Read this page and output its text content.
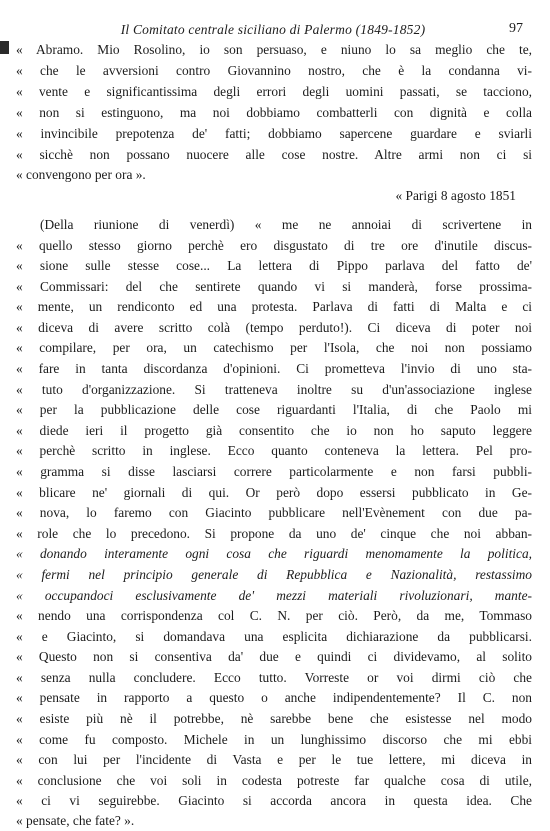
Il Comitato centrale siciliano di Palermo (1849-1852)	97
« Abramo. Mio Rosolino, io son persuaso, e niuno lo sa meglio che te,
« che le avversioni contro Giovannino nostro, che è la condanna vi-
« vente e significantissima degli errori degli uomini passati, se tacciono,
« non si estinguono, ma noi dobbiamo combatterli con dignità e colla
« invincibile prepotenza de' fatti; dobbiamo sapercene guardare e sviarli
« sicchè non possano nuocere alle cose nostre. Altre armi non ci si
« convengono per ora ».
« Parigi 8 agosto 1851
(Della riunione di venerdì) « me ne annoiai di scrivertene in
« quello stesso giorno perchè ero disgustato di tre ore d'inutile discus-
« sione sulle stesse cose... La lettera di Pippo parlava del fatto de'
« Commissari: del che sentirete quando vi si manderà, forse prossima-
« mente, un rendiconto ed una protesta. Parlava di fatti di Malta e ci
« diceva di avere scritto colà (tempo perduto!). Ci diceva di poter noi
« compilare, per ora, un catechismo per l'Isola, che noi non possiamo
« fare in tanta discordanza d'opinioni. Ci prometteva l'invio di uno sta-
« tuto d'organizzazione. Si tratteneva inoltre su d'un'associazione inglese
« per la pubblicazione delle cose riguardanti l'Italia, di che Paolo mi
« diede ieri il progetto già consentito che io non ho saputo leggere
« perchè scritto in inglese. Ecco quanto conteneva la lettera. Pel pro-
« gramma si disse lasciarsi correre particolarmente e non farsi pubbli-
« blicare ne' giornali di qui. Or però dopo essersi pubblicato in Ge-
« nova, lo faremo con Giacinto pubblicare nell'Evènement con due pa-
« role che lo precedono. Si propone da uno de' cinque che noi abban-
« donando interamente ogni cosa che riguardi menomamente la politica,
« fermi nel principio generale di Repubblica e Nazionalità, restassimo
« occupandoci esclusivamente de' mezzi materiali rivoluzionari, mante-
« nendo una corrispondenza col C. N. per ciò. Però, da me, Tommaso
« e Giacinto, si domandava una esplicita dichiarazione da pubblicarsi.
« Questo non si consentiva da' due e quindi ci dividevamo, al solito
« senza nulla concludere. Ecco tutto. Vorreste or voi dirmi ciò che
« pensate in rapporto a questo o anche indipendentemente? Il C. non
« esiste più nè il potrebbe, nè sarebbe bene che esistesse nel modo
« come fu composto. Michele in un lunghissimo discorso che mi ebbi
« con lui per l'incidente di Vasta e per le tue lettere, mi diceva in
« conclusione che voi soli in codesta potreste far qualche cosa di utile,
« ci vi seguirebbe. Giacinto si accorda ancora in questa idea. Che
« pensate, che fate? ».
